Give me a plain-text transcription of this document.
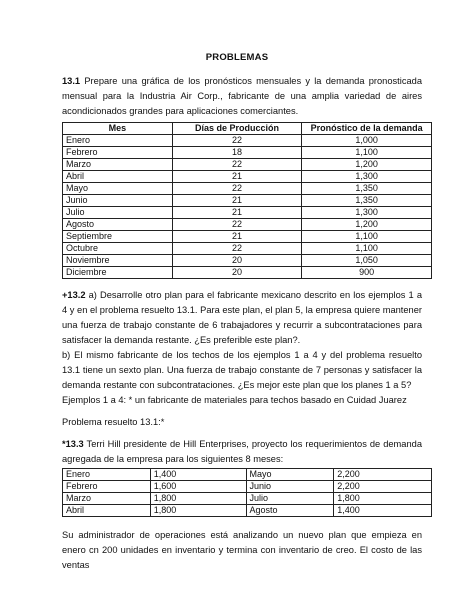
PROBLEMAS
13.1 Prepare una gráfica de los pronósticos mensuales y la demanda pronosticada mensual para la Industria Air Corp., fabricante de una amplia variedad de aires acondicionados grandes para aplicaciones comerciantes.
Mes	Días de Producción	Pronóstico de la demanda
Enero	22	1,000
Febrero	18	1,100
Marzo	22	1,200
Abril	21	1,300
Mayo	22	1,350
Junio	21	1,350
Julio	21	1,300
Agosto	22	1,200
Septiembre	21	1,100
Octubre	22	1,100
Noviembre	20	1,050
Diciembre	20	900
+13.2 a) Desarrolle otro plan para el fabricante mexicano descrito en los ejemplos 1 a 4 y en el problema resuelto 13.1. Para este plan, el plan 5, la empresa quiere mantener una fuerza de trabajo constante de 6 trabajadores y recurrir a subcontrataciones para satisfacer la demanda restante. ¿Es preferible este plan?.
b) El mismo fabricante de los techos de los ejemplos 1 a 4 y del problema resuelto 13.1 tiene un sexto plan. Una fuerza de trabajo constante de 7 personas y satisfacer la demanda restante con subcontrataciones. ¿Es mejor este plan que los planes 1 a 5?
Ejemplos 1 a 4: * un fabricante de materiales para techos basado en Cuidad Juarez
Problema resuelto 13.1:*
*13.3 Terri Hill presidente de Hill Enterprises, proyecto los requerimientos de demanda agregada de la empresa para los siguientes 8 meses:
Enero	1,400	Mayo	2,200
Febrero	1,600	Junio	2,200
Marzo	1,800	Julio	1,800
Abril	1,800	Agosto	1,400
Su administrador de operaciones está analizando un nuevo plan que empieza en enero cn 200 unidades en inventario y termina con inventario de creo. El costo de las ventas
